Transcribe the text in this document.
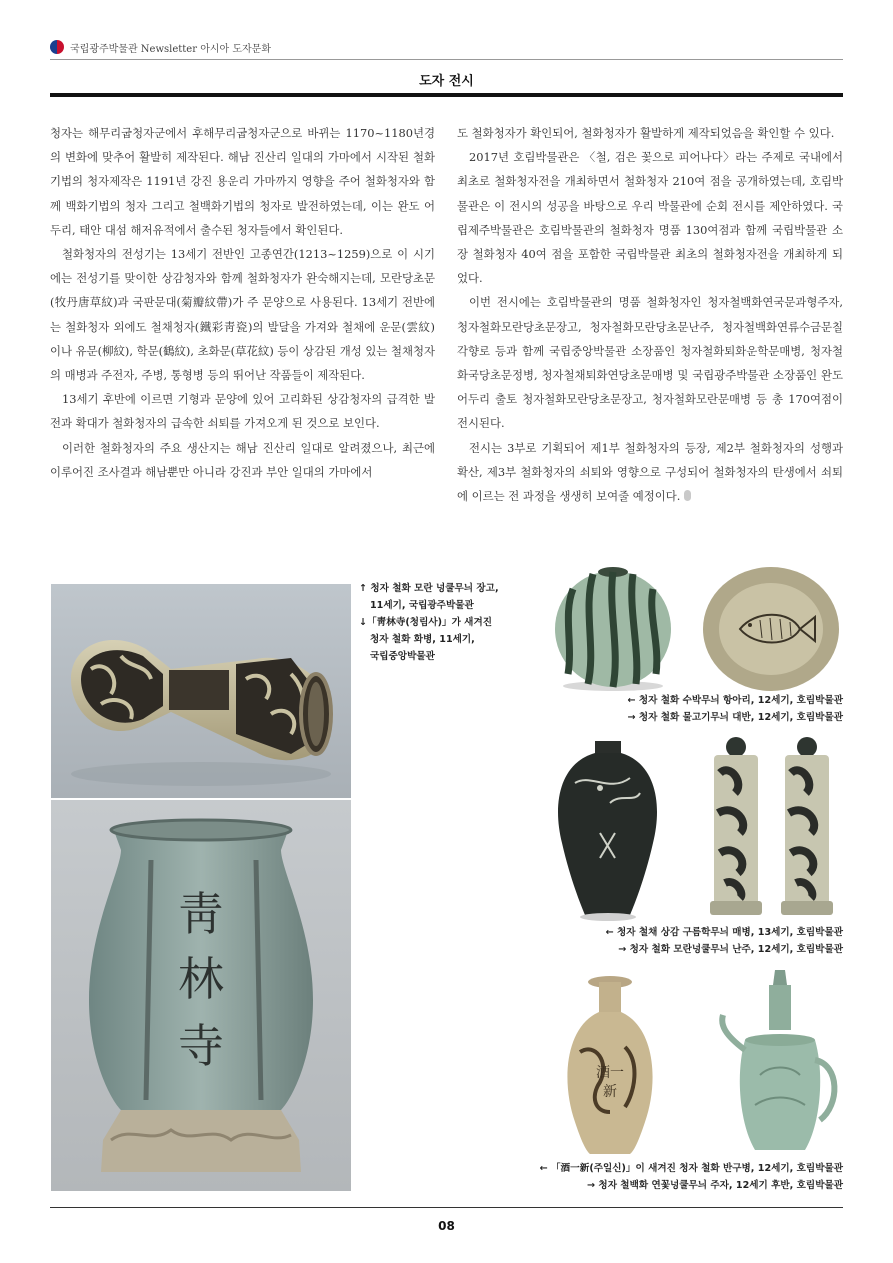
국립광주박물관 Newsletter 아시아 도자문화
도자 전시

청자는 해무리굽청자군에서 후해무리굽청자군으로 바뀌는 1170~1180년경의 변화에 맞추어 활발히 제작된다. 해남 진산리 일대의 가마에서 시작된 철화기법의 청자제작은 1191년 강진 용운리 가마까지 영향을 주어 철화청자와 함께 백화기법의 청자 그리고 철백화기법의 청자로 발전하였는데, 이는 완도 어두리, 태안 대섬 해저유적에서 출수된 청자들에서 확인된다.

철화청자의 전성기는 13세기 전반인 고종연간(1213~1259)으로 이 시기에는 전성기를 맞이한 상감청자와 함께 철화청자가 완숙해지는데, 모란당초문(牧丹唐草紋)과 국판문대(菊瓣紋帶)가 주 문양으로 사용된다. 13세기 전반에는 철화청자 외에도 철채청자(鐵彩靑瓷)의 발달을 가져와 철채에 운문(雲紋)이나 유문(柳紋), 학문(鶴紋), 초화문(草花紋) 등이 상감된 개성 있는 철채청자의 매병과 주전자, 주병, 통형병 등의 뛰어난 작품들이 제작된다.

13세기 후반에 이르면 기형과 문양에 있어 고리화된 상감청자의 급격한 발전과 확대가 철화청자의 급속한 쇠퇴를 가져오게 된 것으로 보인다.

이러한 철화청자의 주요 생산지는 해남 진산리 일대로 알려졌으나, 최근에 이루어진 조사결과 해남뿐만 아니라 강진과 부안 일대의 가마에서

도 철화청자가 확인되어, 철화청자가 활발하게 제작되었음을 확인할 수 있다.

2017년 호림박물관은 〈철, 검은 꽃으로 피어나다〉라는 주제로 국내에서 최초로 철화청자전을 개최하면서 철화청자 210여 점을 공개하였는데, 호림박물관은 이 전시의 성공을 바탕으로 우리 박물관에 순회 전시를 제안하였다. 국립제주박물관은 호림박물관의 철화청자 명품 130여점과 함께 국립박물관 소장 철화청자 40여 점을 포함한 국립박물관 최초의 철화청자전을 개최하게 되었다.

이번 전시에는 호림박물관의 명품 철화청자인 청자철백화연국문과형주자, 청자철화모란당초문장고, 청자철화모란당초문난주, 청자철백화연류수금문칠각향로 등과 함께 국립중앙박물관 소장품인 청자철화퇴화운학문매병, 청자철화국당초문정병, 청자철채퇴화연당초문매병 및 국립광주박물관 소장품인 완도 어두리 출토 청자철화모란당초문장고, 청자철화모란문매병 등 총 170여점이 전시된다.

전시는 3부로 기획되어 제1부 철화청자의 등장, 제2부 철화청자의 성행과 확산, 제3부 철화청자의 쇠퇴와 영향으로 구성되어 철화청자의 탄생에서 쇠퇴에 이르는 전 과정을 생생히 보여줄 예정이다.

靑
林
寺
↑ 청자 철화 모란 넝쿨무늬 장고,
11세기, 국립광주박물관
↓「靑林寺(청림사)」가 새겨진
청자 철화 화병, 11세기,
국립중앙박물관
← 청자 철화 수박무늬 항아리, 12세기, 호림박물관
→ 청자 철화 물고기무늬 대반, 12세기, 호림박물관
← 청자 철채 상감 구름학무늬 매병, 13세기, 호림박물관
→ 청자 철화 모란넝쿨무늬 난주, 12세기, 호림박물관
酒一
新
← 「酒一新(주일신)」이 새겨진 청자 철화 반구병, 12세기, 호림박물관
→ 청자 철백화 연꽃넝쿨무늬 주자, 12세기 후반, 호림박물관
08
